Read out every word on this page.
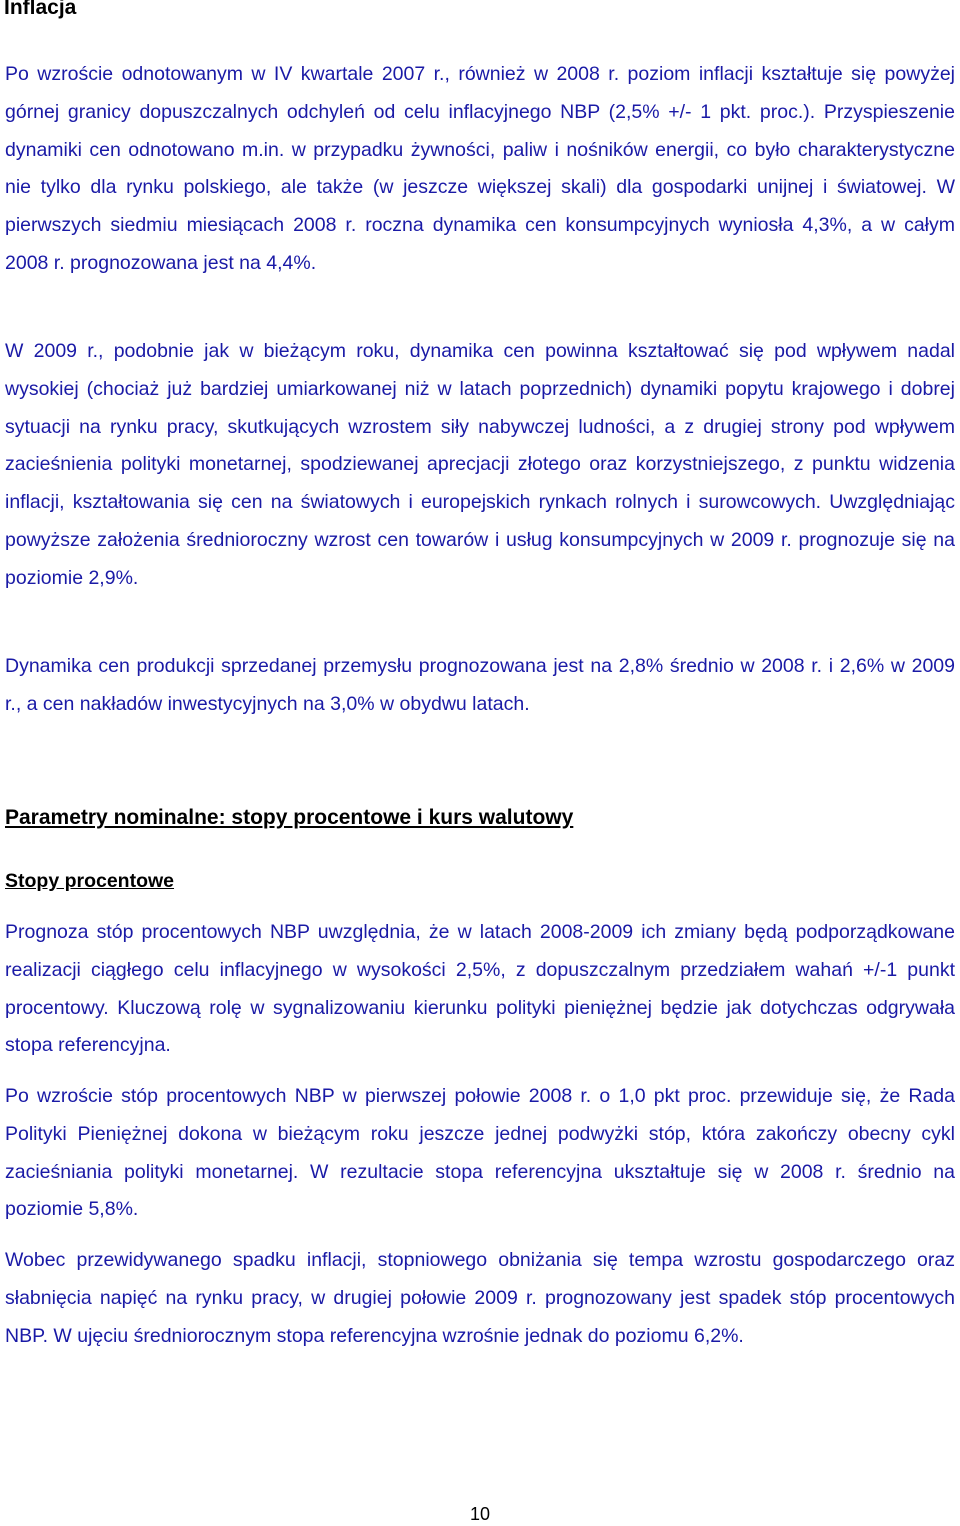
Inflacja

Po wzroście odnotowanym w IV kwartale 2007 r., również w 2008 r. poziom inflacji kształtuje się powyżej górnej granicy dopuszczalnych odchyleń od celu inflacyjnego NBP (2,5% +/- 1 pkt. proc.). Przyspieszenie dynamiki cen odnotowano m.in. w przypadku żywności, paliw i nośników energii, co było charakterystyczne nie tylko dla rynku polskiego, ale także (w jeszcze większej skali) dla gospodarki unijnej i światowej. W pierwszych siedmiu miesiącach 2008 r. roczna dynamika cen konsumpcyjnych wyniosła 4,3%, a w całym 2008 r. prognozowana jest na 4,4%.

W 2009 r., podobnie jak w bieżącym roku, dynamika cen powinna kształtować się pod wpływem nadal wysokiej (chociaż już bardziej umiarkowanej niż w latach poprzednich) dynamiki popytu krajowego i dobrej sytuacji na rynku pracy, skutkujących wzrostem siły nabywczej ludności, a z drugiej strony pod wpływem zacieśnienia polityki monetarnej, spodziewanej aprecjacji złotego oraz korzystniejszego, z punktu widzenia inflacji, kształtowania się cen na światowych i europejskich rynkach rolnych i surowcowych. Uwzględniając powyższe założenia średnioroczny wzrost cen towarów i usług konsumpcyjnych w 2009 r. prognozuje się na poziomie 2,9%.

Dynamika cen produkcji sprzedanej przemysłu prognozowana jest na 2,8% średnio w 2008 r. i 2,6% w 2009 r., a cen nakładów inwestycyjnych na 3,0% w obydwu latach.

Parametry nominalne: stopy procentowe i kurs walutowy
Stopy procentowe

Prognoza stóp procentowych NBP uwzględnia, że w latach 2008-2009 ich zmiany będą podporządkowane realizacji ciągłego celu inflacyjnego w wysokości 2,5%, z dopuszczalnym przedziałem wahań +/-1 punkt procentowy. Kluczową rolę w sygnalizowaniu kierunku polityki pieniężnej będzie jak dotychczas odgrywała stopa referencyjna.

Po wzroście stóp procentowych NBP w pierwszej połowie 2008 r. o 1,0 pkt proc. przewiduje się, że Rada Polityki Pieniężnej dokona w bieżącym roku jeszcze jednej podwyżki stóp, która zakończy obecny cykl zacieśniania polityki monetarnej. W rezultacie stopa referencyjna ukształtuje się w 2008 r. średnio na poziomie 5,8%.

Wobec przewidywanego spadku inflacji, stopniowego obniżania się tempa wzrostu gospodarczego oraz słabnięcia napięć na rynku pracy, w drugiej połowie 2009 r. prognozowany jest spadek stóp procentowych NBP. W ujęciu średniorocznym stopa referencyjna wzrośnie jednak do poziomu 6,2%.

10
